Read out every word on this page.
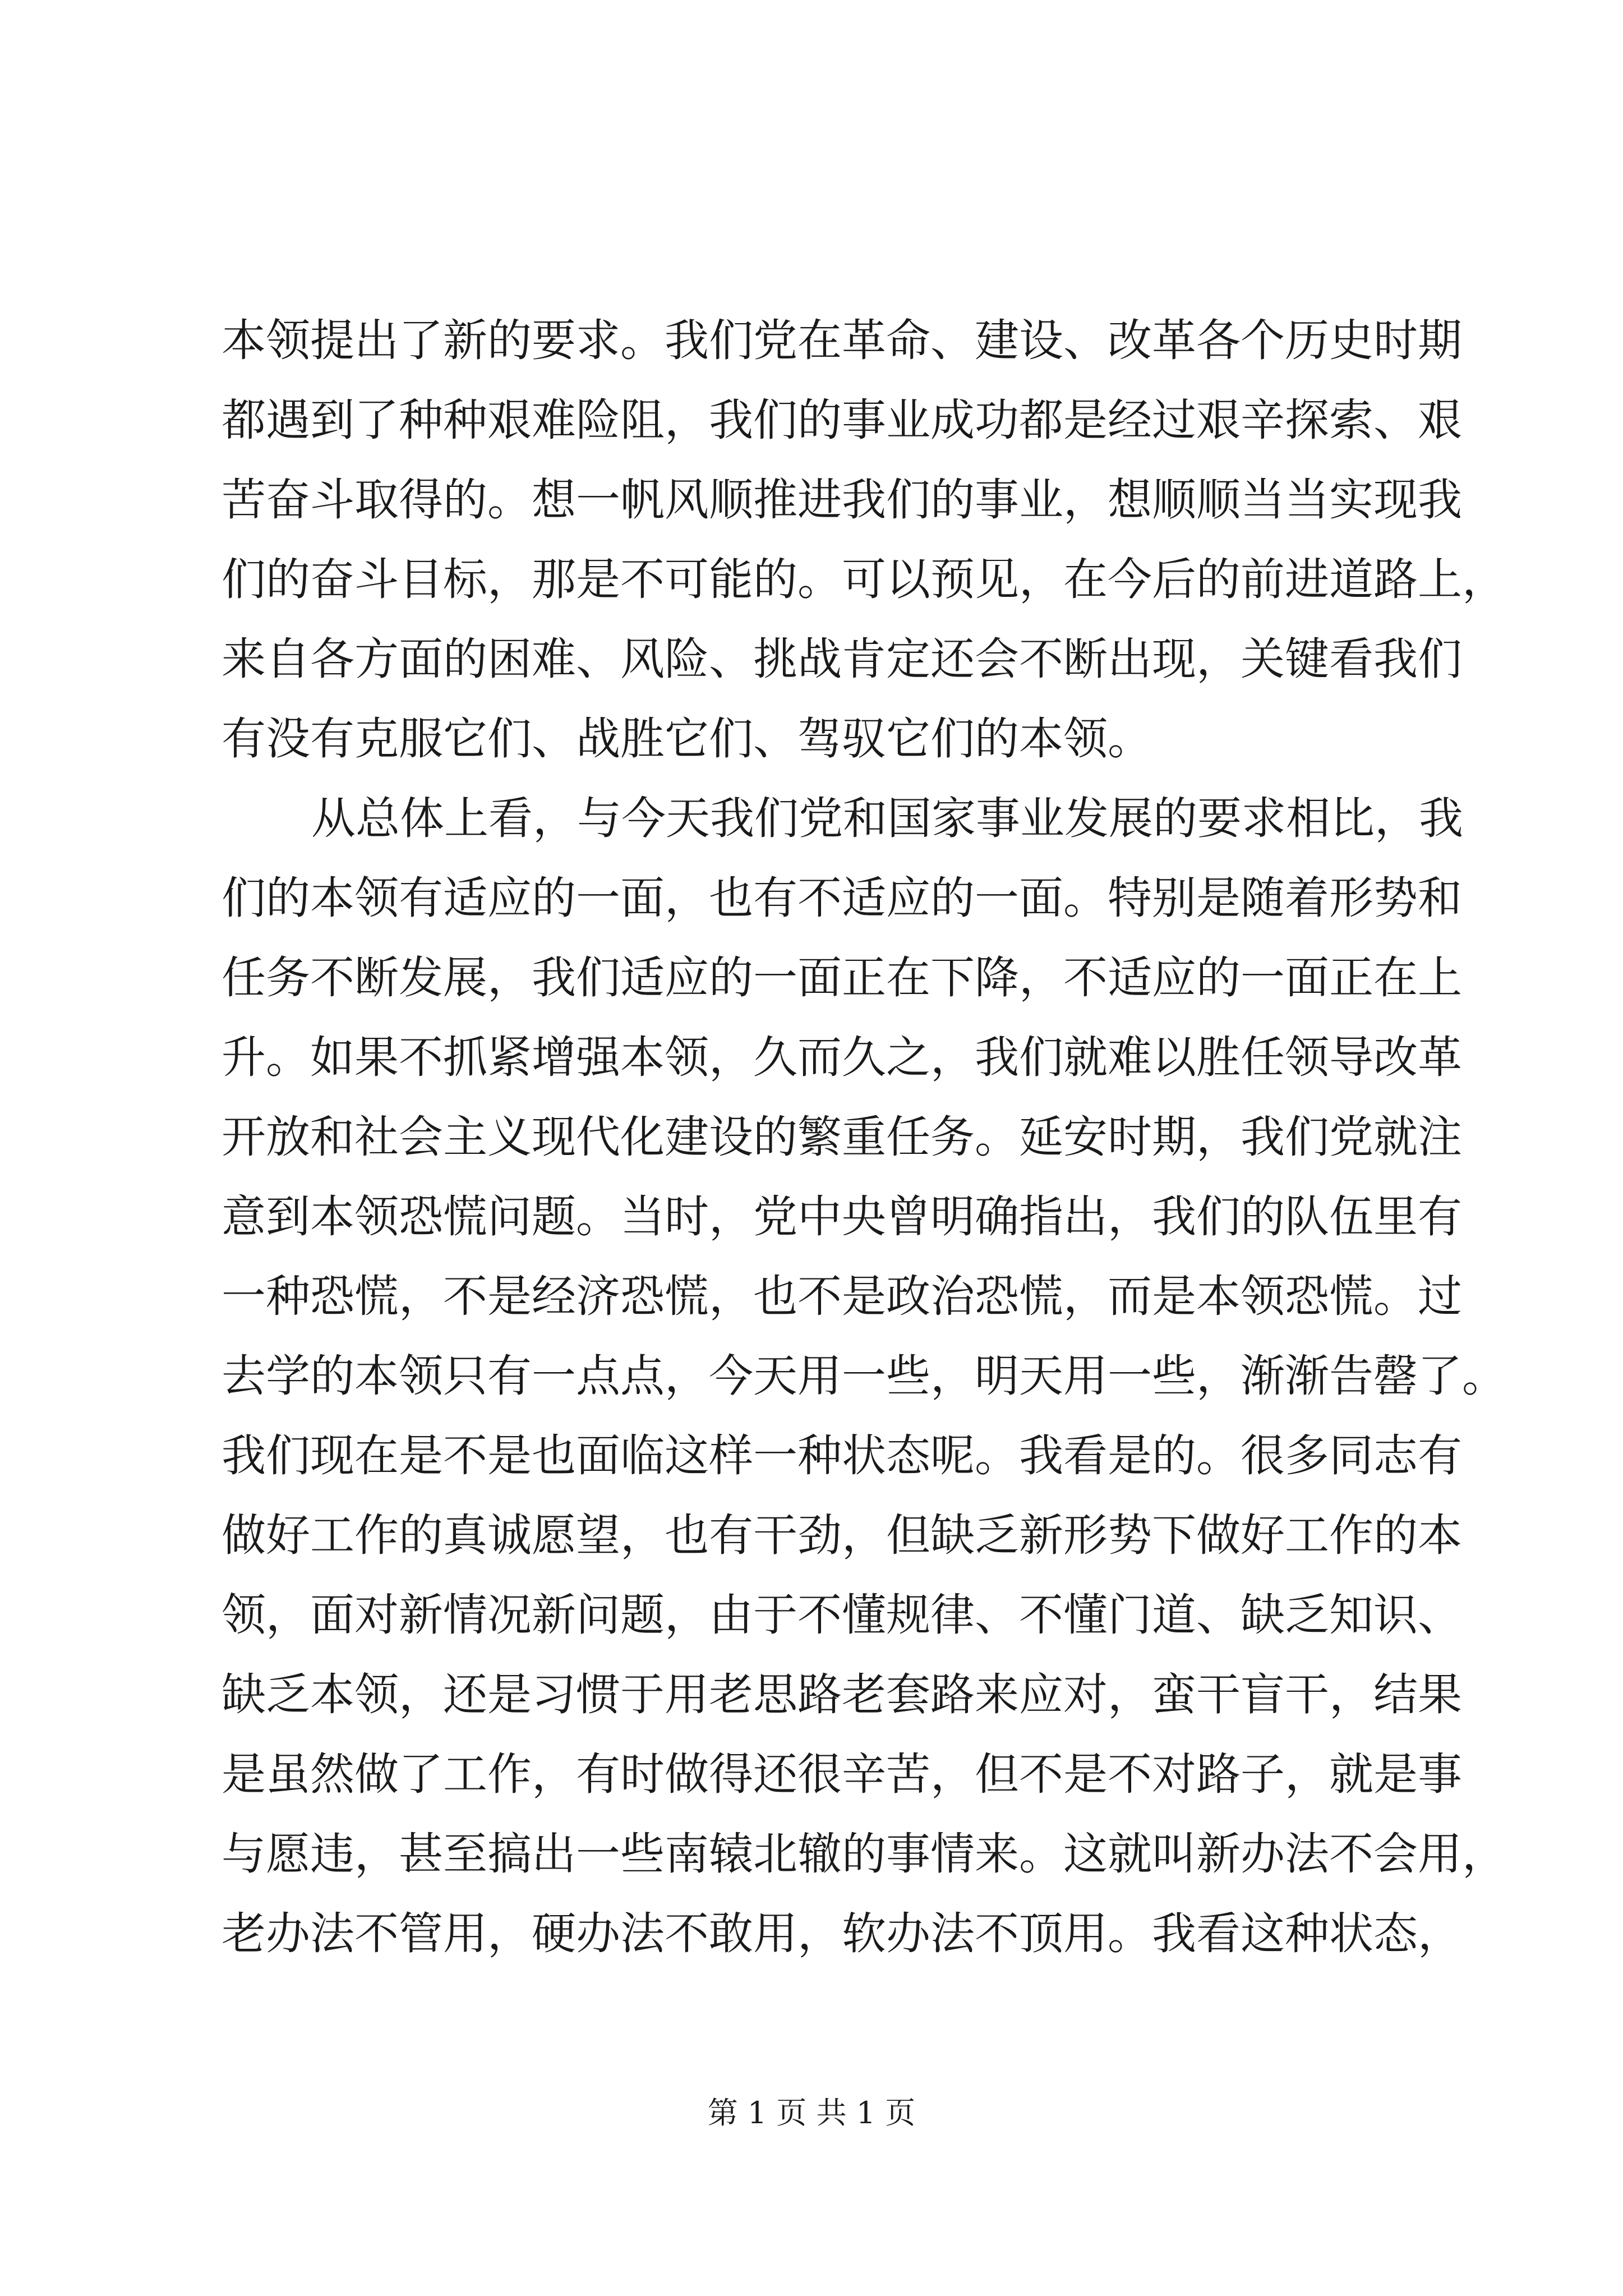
本领提出了新的要求。我们党在革命、建设、改革各个历史时期
都遇到了种种艰难险阻，我们的事业成功都是经过艰辛探索、艰
苦奋斗取得的。想一帆风顺推进我们的事业，想顺顺当当实现我
们的奋斗目标，那是不可能的。可以预见，在今后的前进道路上，
来自各方面的困难、风险、挑战肯定还会不断出现，关键看我们
有没有克服它们、战胜它们、驾驭它们的本领。
从总体上看，与今天我们党和国家事业发展的要求相比，我
们的本领有适应的一面，也有不适应的一面。特别是随着形势和
任务不断发展，我们适应的一面正在下降，不适应的一面正在上
升。如果不抓紧增强本领，久而久之，我们就难以胜任领导改革
开放和社会主义现代化建设的繁重任务。延安时期，我们党就注
意到本领恐慌问题。当时，党中央曾明确指出，我们的队伍里有
一种恐慌，不是经济恐慌，也不是政治恐慌，而是本领恐慌。过
去学的本领只有一点点，今天用一些，明天用一些，渐渐告罄了。
我们现在是不是也面临这样一种状态呢。我看是的。很多同志有
做好工作的真诚愿望，也有干劲，但缺乏新形势下做好工作的本
领，面对新情况新问题，由于不懂规律、不懂门道、缺乏知识、
缺乏本领，还是习惯于用老思路老套路来应对，蛮干盲干，结果
是虽然做了工作，有时做得还很辛苦，但不是不对路子，就是事
与愿违，甚至搞出一些南辕北辙的事情来。这就叫新办法不会用，
老办法不管用，硬办法不敢用，软办法不顶用。我看这种状态，
第 1 页 共 1 页
